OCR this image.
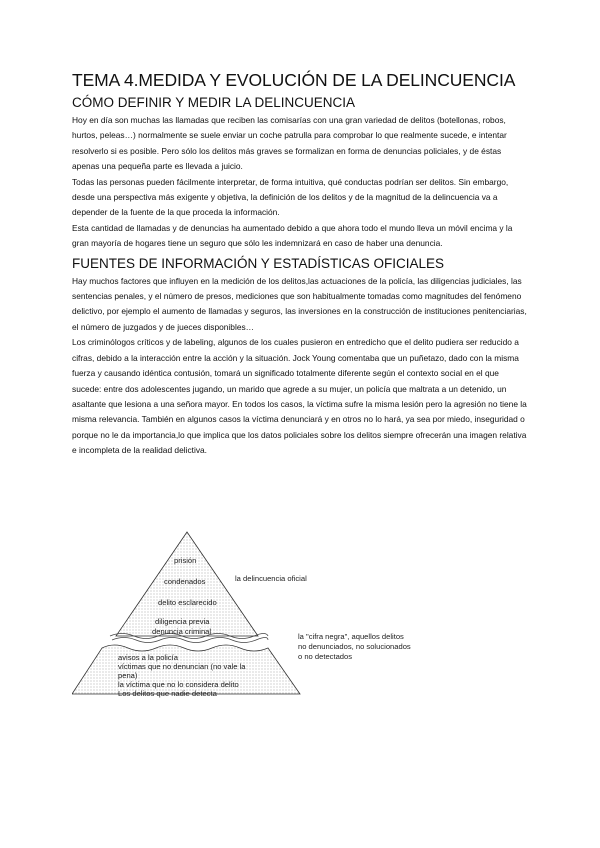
TEMA 4.MEDIDA Y EVOLUCIÓN DE LA DELINCUENCIA
CÓMO DEFINIR Y MEDIR LA DELINCUENCIA

Hoy en día son muchas las llamadas que reciben las comisarías con una gran variedad de delitos (botellonas, robos, hurtos, peleas…) normalmente se suele enviar un coche patrulla para comprobar lo que realmente sucede, e intentar resolverlo si es posible. Pero sólo los delitos más graves se formalizan en forma de denuncias policiales, y de éstas apenas una pequeña parte es llevada a juicio.

Todas las personas pueden fácilmente interpretar, de forma intuitiva, qué conductas podrían ser delitos. Sin embargo, desde una perspectiva más exigente y objetiva, la definición de los delitos y de la magnitud de la delincuencia va a depender de la fuente de la que proceda la información.

Esta cantidad de llamadas y de denuncias ha aumentado debido a que ahora todo el mundo lleva un móvil encima y la gran mayoría de hogares tiene un seguro que sólo les indemnizará en caso de haber una denuncia.

FUENTES DE INFORMACIÓN Y ESTADÍSTICAS OFICIALES

Hay muchos factores que influyen en la medición de los delitos,las actuaciones de la policía, las diligencias judiciales, las sentencias penales, y el número de presos, mediciones que son habitualmente tomadas como magnitudes del fenómeno delictivo, por ejemplo el aumento de llamadas y seguros, las inversiones en la construcción de instituciones penitenciarias, el número de juzgados y de jueces disponibles…

Los criminólogos críticos y de labeling, algunos de los cuales pusieron en entredicho que el delito pudiera ser reducido a cifras, debido a la interacción entre la acción y la situación. Jock Young comentaba que un puñetazo, dado con la misma fuerza y causando idéntica contusión, tomará un significado totalmente diferente según el contexto social en el que sucede: entre dos adolescentes jugando, un marido que agrede a su mujer, un policía que maltrata a un detenido, un asaltante que lesiona a una señora mayor. En todos los casos, la víctima sufre la misma lesión pero la agresión no tiene la misma relevancia. También en algunos casos la víctima denunciará y en otros no lo hará, ya sea por miedo, inseguridad o porque no le da importancia,lo que implica que los datos policiales sobre los delitos siempre ofrecerán una imagen relativa e incompleta de la realidad delictiva.

prisión
condenados
delito esclarecido
diligencia previa
denuncia criminal
avisos a la policía
víctimas que no denuncian (no vale la
pena)
la víctima que no lo considera delito
Los delitos que nadie detecta
la delincuencia oficial
la "cifra negra", aquellos delitos
no denunciados, no solucionados
o no detectados
